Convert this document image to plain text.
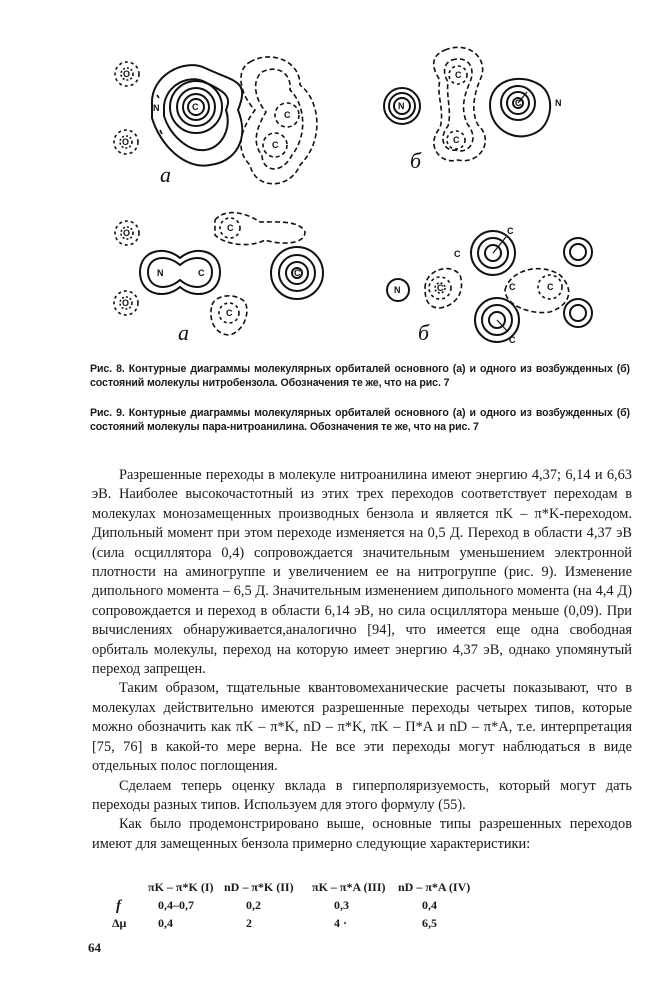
O
O
N	C
C
C
N
C
C
C	N
O
O
N	C
C
C
C
N	C
C
C
C	C
C
а
б
а	б
Рис. 8. Контурные диаграммы молекулярных орбиталей основного (а) и одного из возбужденных (б) состояний молекулы нитробензола. Обозначения те же, что на рис. 7
Рис. 9. Контурные диаграммы молекулярных орбиталей основного (а) и одного из возбужденных (б) состояний молекулы пара-нитроанилина. Обозначения те же, что на рис. 7

Разрешенные переходы в молекуле нитроанилина имеют энергию 4,37; 6,14 и 6,63 эВ. Наиболее высокочастотный из этих трех переходов соответствует переходам в молекулах монозамещенных производных бензола и является πK – π*K-переходом. Дипольный момент при этом переходе изменяется на 0,5 Д. Переход в области 4,37 эВ (сила осциллятора 0,4) сопровождается значительным уменьшением электронной плотности на аминогруппе и увеличением ее на нитрогруппе (рис. 9). Изменение дипольного момента – 6,5 Д. Значительным изменением дипольного момента (на 4,4 Д) сопровождается и переход в области 6,14 эВ, но сила осциллятора меньше (0,09). При вычислениях обнаруживается,аналогично [94], что имеется еще одна свободная орбиталь молекулы, переход на которую имеет энергию 4,37 эВ, однако упомянутый переход запрещен.

Таким образом, тщательные квантовомеханические расчеты показывают, что в молекулах действительно имеются разрешенные переходы четырех типов, которые можно обозначить как πK – π*K, nD – π*K, πK – П*A и nD – π*A, т.е. интерпретация [75, 76] в какой-то мере верна. Не все эти переходы могут наблюдаться в виде отдельных полос поглощения.

Сделаем теперь оценку вклада в гиперполяризуемость, который могут дать переходы разных типов. Используем для этого формулу (55).

Как было продемонстрировано выше, основные типы разрешенных переходов имеют для замещенных бензола примерно следующие характеристики:

πK – π*K (I) nD – π*K (II) πK – π*A (III) nD – π*A (IV)
f	0,4–0,7	0,2	0,3	0,4
Δμ	0,4	2	4 ·	6,5
64
